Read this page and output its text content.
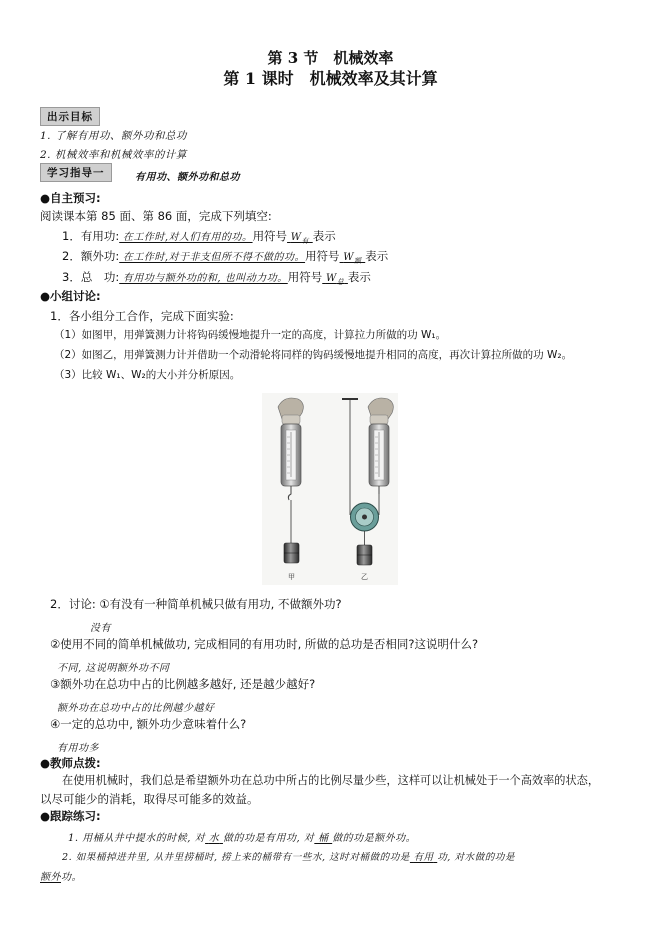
第 3 节　机械效率
第 1 课时　机械效率及其计算
出示目标
1. 了解有用功、额外功和总功
2. 机械效率和机械效率的计算
学习指导一	有用功、额外功和总功
●自主预习:
阅读课本第 85 面、第 86 面，完成下列填空:
1．有用功: 在工作时,对人们有用的功。用符号 $W_有$ 表示
2．额外功: 在工作时,对于非支但所不得不做的功。用符号 $W_额$ 表示
3．总　功: 有用功与额外功的和, 也叫动力功。用符号 $W_总$ 表示
●小组讨论:
1．各小组分工合作，完成下面实验:
（1）如图甲，用弹簧测力计将钩码缓慢地提升一定的高度，计算拉力所做的功 W₁。
（2）如图乙，用弹簧测力计并借助一个动滑轮将同样的钩码缓慢地提升相同的高度，再次计算拉所做的功 W₂。
（3）比较 W₁、W₂的大小并分析原因。
甲	乙
2．讨论: ①有没有一种简单机械只做有用功, 不做额外功?
没有
②使用不同的简单机械做功, 完成相同的有用功时, 所做的总功是否相同?这说明什么?
不同, 这说明额外功不同
③额外功在总功中占的比例越多越好, 还是越少越好?
额外功在总功中占的比例越少越好
④一定的总功中, 额外功少意味着什么?
有用功多
●教师点拨:
在使用机械时，我们总是希望额外功在总功中所占的比例尽量少些，这样可以让机械处于一个高效率的状态，
以尽可能少的消耗，取得尽可能多的效益。
●跟踪练习:
1. 用桶从井中提水的时候, 对 水 做的功是有用功, 对 桶 做的功是额外功。
2. 如果桶掉进井里, 从井里捞桶时, 捞上来的桶带有一些水, 这时对桶做的功是 有用 功, 对水做的功是
额外功。
